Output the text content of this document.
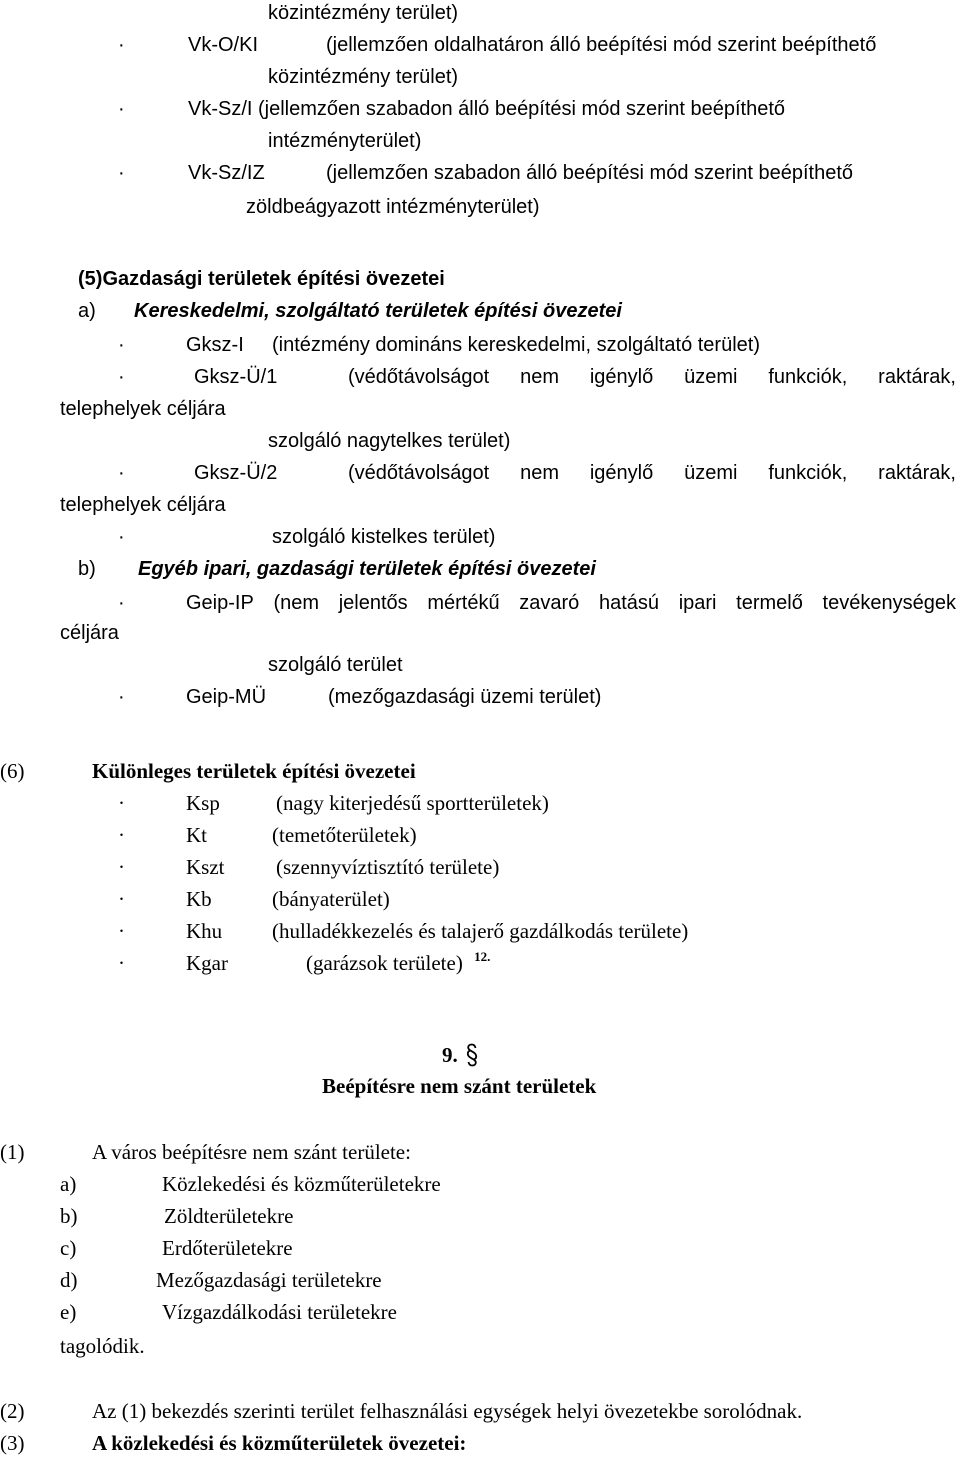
közintézmény terület)
·	Vk-O/KI	(jellemzően oldalhatáron álló beépítési mód szerint beépíthető
közintézmény terület)
·	Vk-Sz/I (jellemzően szabadon álló beépítési mód szerint beépíthető
intézményterület)
·	Vk-Sz/IZ	(jellemzően szabadon álló beépítési mód szerint beépíthető
zöldbeágyazott intézményterület)
(5)Gazdasági területek építési övezetei
a) Kereskedelmi, szolgáltató területek építési övezetei
·	Gksz-I (intézmény domináns kereskedelmi, szolgáltató terület)
·	Gksz-Ü/1	(védőtávolságot nem igénylő üzemi funkciók, raktárak,
telephelyek céljára
szolgáló nagytelkes terület)
·	Gksz-Ü/2	(védőtávolságot nem igénylő üzemi funkciók, raktárak,
telephelyek céljára
·	szolgáló kistelkes terület)
b) Egyéb ipari, gazdasági területek építési övezetei
·	Geip-IP (nem jelentős mértékű zavaró hatású ipari termelő tevékenységek
céljára
szolgáló terület
·	Geip-MÜ	(mezőgazdasági üzemi terület)
(6)	Különleges területek építési övezetei
·	Ksp	(nagy kiterjedésű sportterületek)
·	Kt	(temetőterületek)
·	Kszt (szennyvíztisztító területe)
·	Kb	(bányaterület)
·	Khu (hulladékkezelés és talajerő gazdálkodás területe)
·	Kgar	(garázsok területe) $^{12.}$
9.
Beépítésre nem szánt területek
(1)	A város beépítésre nem szánt területe:
a)	Közlekedési és közműterületekre
b)	Zöldterületekre
c)	Erdőterületekre
d)	Mezőgazdasági területekre
e)	Vízgazdálkodási területekre
tagolódik.
(2)	Az (1) bekezdés szerinti terület felhasználási egységek helyi övezetekbe sorolódnak.
(3)	A közlekedési és közműterületek övezetei:
